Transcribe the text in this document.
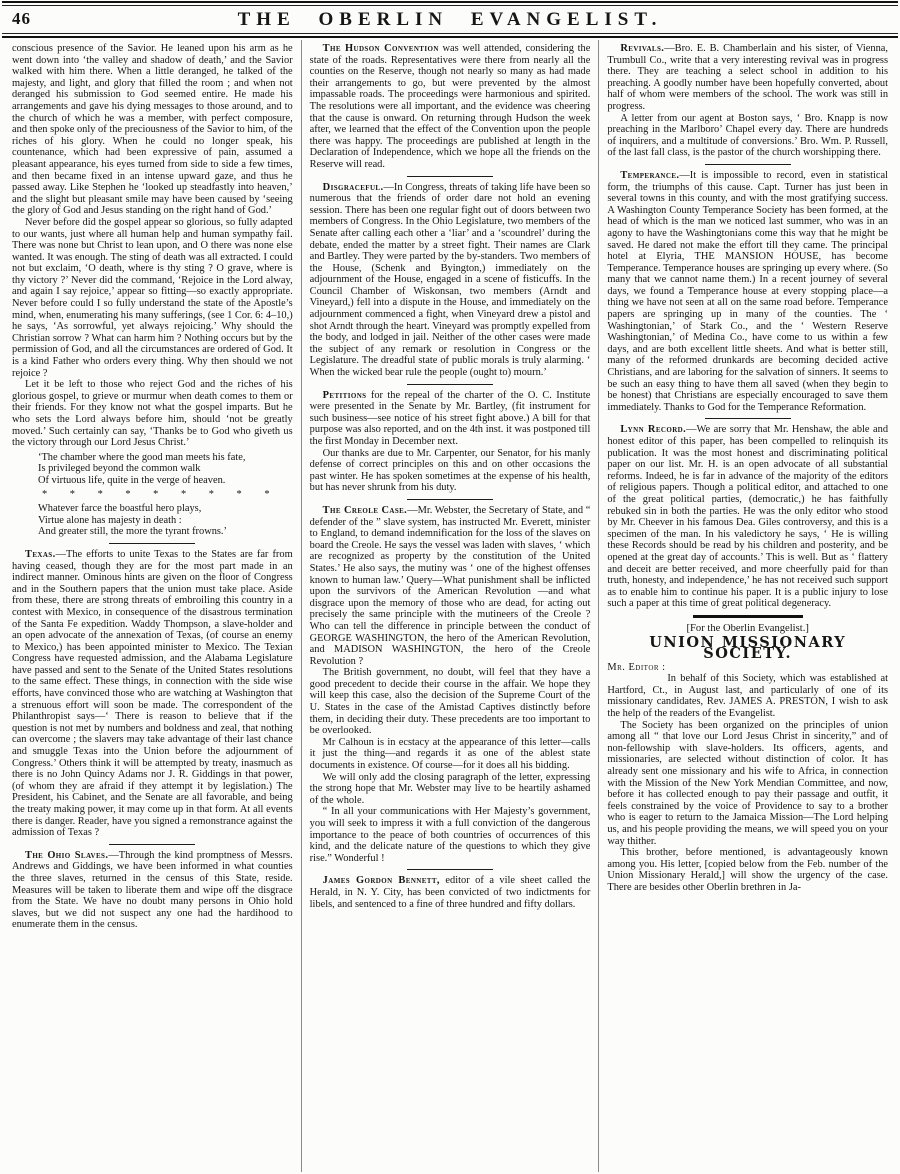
46	THE OBERLIN EVANGELIST.

conscious presence of the Savior. He leaned upon his arm as he went down into ‘the valley and shadow of death,’ and the Savior walked with him there. When a little deranged, he talked of the majesty, and light, and glory that filled the room ; and when not deranged his submission to God seemed entire. He made his arrangements and gave his dying messages to those around, and to the church of which he was a member, with perfect composure, and then spoke only of the preciousness of the Savior to him, of the riches of his glory. When he could no longer speak, his countenance, which had been expressive of pain, assumed a pleasant appearance, his eyes turned from side to side a few times, and then became fixed in an intense upward gaze, and thus he passed away. Like Stephen he ‘looked up steadfastly into heaven,’ and the slight but pleasant smile may have been caused by ‘seeing the glory of God and Jesus standing on the right hand of God.’

Never before did the gospel appear so glorious, so fully adapted to our wants, just where all human help and human sympathy fail. There was none but Christ to lean upon, and O there was none else wanted. It was enough. The sting of death was all extracted. I could not but exclaim, ‘O death, where is thy sting ? O grave, where is thy victory ?’ Never did the command, ‘Rejoice in the Lord alway, and again I say rejoice,’ appear so fitting—so exactly appropriate. Never before could I so fully understand the state of the Apostle’s mind, when, enumerating his many sufferings, (see 1 Cor. 6: 4–10,) he says, ‘As sorrowful, yet always rejoicing.’ Why should the Christian sorrow ? What can harm him ? Nothing occurs but by the permission of God, and all the circumstances are ordered of God. It is a kind Father who orders every thing. Why then should we not rejoice ?

Let it be left to those who reject God and the riches of his glorious gospel, to grieve or murmur when death comes to them or their friends. For they know not what the gospel imparts. But he who sets the Lord always before him, should ‘not be greatly moved.’ Such certainly can say, ‘Thanks be to God who giveth us the victory through our Lord Jesus Christ.’

‘The chamber where the good man meets his fate,
Is privileged beyond the common walk
Of virtuous life, quite in the verge of heaven.
* * * * * * * * *
Whatever farce the boastful hero plays,
Virtue alone has majesty in death :
And greater still, the more the tyrant frowns.’

Texas.—The efforts to unite Texas to the States are far from having ceased, though they are for the most part made in an indirect manner. Ominous hints are given on the floor of Congress and in the Southern papers that the union must take place. Aside from these, there are strong threats of embroiling this country in a contest with Mexico, in consequence of the disastrous termination of the Santa Fe expedition. Waddy Thompson, a slave-holder and an open advocate of the annexation of Texas, (of course an enemy to Mexico,) has been appointed minister to Mexico. The Texian Congress have requested admission, and the Alabama Legislature have passed and sent to the Senate of the United States resolutions to the same effect. These things, in connection with the side wise efforts, have convinced those who are watching at Washington that a strenuous effort will soon be made. The correspondent of the Philanthropist says—‘ There is reason to believe that if the question is not met by numbers and boldness and zeal, that nothing can overcome ; the slavers may take advantage of their last chance and smuggle Texas into the Union before the adjournment of Congress.’ Others think it will be attempted by treaty, inasmuch as there is no John Quincy Adams nor J. R. Giddings in that power, (of whom they are afraid if they attempt it by legislation.) The President, his Cabinet, and the Senate are all favorable, and being the treaty making power, it may come up in that form. At all events there is danger. Reader, have you signed a remonstrance against the admission of Texas ?

The Ohio Slaves.—Through the kind promptness of Messrs. Andrews and Giddings, we have been informed in what counties the three slaves, returned in the census of this State, reside. Measures will be taken to liberate them and wipe off the disgrace from the State. We have no doubt many persons in Ohio hold slaves, but we did not suspect any one had the hardihood to enumerate them in the census.

The Hudson Convention was well attended, considering the state of the roads. Representatives were there from nearly all the counties on the Reserve, though not nearly so many as had made their arrangements to go, but were prevented by the almost impassable roads. The proceedings were harmonious and spirited. The resolutions were all important, and the evidence was cheering that the cause is onward. On returning through Hudson the week after, we learned that the effect of the Convention upon the people there was happy. The proceedings are published at length in the Declaration of Independence, which we hope all the friends on the Reserve will read.

Disgraceful.—In Congress, threats of taking life have been so numerous that the friends of order dare not hold an evening session. There has been one regular fight out of doors between two members of Congress. In the Ohio Legislature, two members of the Senate after calling each other a ‘liar’ and a ‘scoundrel’ during the debate, ended the matter by a street fight. Their names are Clark and Bartley. They were parted by the by-standers. Two members of the House, (Schenk and Byington,) immediately on the adjournment of the House, engaged in a scene of fisticuffs. In the Council Chamber of Wiskonsan, two members (Arndt and Vineyard,) fell into a dispute in the House, and immediately on the adjournment commenced a fight, when Vineyard drew a pistol and shot Arndt through the heart. Vineyard was promptly expelled from the body, and lodged in jail. Neither of the other cases were made the subject of any remark or resolution in Congress or the Legislature. The dreadful state of public morals is truly alarming. ‘ When the wicked bear rule the people (ought to) mourn.’

Petitions for the repeal of the charter of the O. C. Institute were presented in the Senate by Mr. Bartley, (fit instrument for such business—see notice of his street fight above.) A bill for that purpose was also reported, and on the 4th inst. it was postponed till the first Monday in December next.

Our thanks are due to Mr. Carpenter, our Senator, for his manly defense of correct principles on this and on other occasions the past winter. He has spoken sometimes at the expense of his health, but has never shrunk from his duty.

The Creole Case.—Mr. Webster, the Secretary of State, and “ defender of the ” slave system, has instructed Mr. Everett, minister to England, to demand indemnification for the loss of the slaves on board the Creole. He says the vessel was laden with slaves, ‘ which are recognized as property by the constitution of the United States.’ He also says, the mutiny was ‘ one of the highest offenses known to human law.’ Query—What punishment shall be inflicted upon the survivors of the American Revolution —and what disgrace upon the memory of those who are dead, for acting out precisely the same principle with the mutineers of the Creole ? Who can tell the difference in principle between the conduct of GEORGE WASHINGTON, the hero of the American Revolution, and MADISON WASHINGTON, the hero of the Creole Revolution ?

The British government, no doubt, will feel that they have a good precedent to decide their course in the affair. We hope they will keep this case, also the decision of the Supreme Court of the U. States in the case of the Amistad Captives distinctly before them, in deciding their duty. These precedents are too important to be overlooked.

Mr Calhoun is in ecstacy at the appearance of this letter—calls it just the thing—and regards it as one of the ablest state documents in existence. Of course—for it does all his bidding.

We will only add the closing paragraph of the letter, expressing the strong hope that Mr. Webster may live to be heartily ashamed of the whole.

“ In all your communications with Her Majesty’s government, you will seek to impress it with a full conviction of the dangerous importance to the peace of both countries of occurrences of this kind, and the delicate nature of the questions to which they give rise.” Wonderful !

James Gordon Bennett, editor of a vile sheet called the Herald, in N. Y. City, has been convicted of two indictments for libels, and sentenced to a fine of three hundred and fifty dollars.

Revivals.—Bro. E. B. Chamberlain and his sister, of Vienna, Trumbull Co., write that a very interesting revival was in progress there. They are teaching a select school in addition to his preaching. A goodly number have been hopefully converted, about half of whom were members of the school. The work was still in progress.

A letter from our agent at Boston says, ‘ Bro. Knapp is now preaching in the Marlboro’ Chapel every day. There are hundreds of inquirers, and a multitude of conversions.’ Bro. Wm. P. Russell, of the last fall class, is the pastor of the church worshipping there.

Temperance.—It is impossible to record, even in statistical form, the triumphs of this cause. Capt. Turner has just been in several towns in this county, and with the most gratifying success. A Washington County Temperance Society has been formed, at the head of which is the man we noticed last summer, who was in an agony to have the Washingtonians come this way that he might be saved. He dared not make the effort till they came. The principal hotel at Elyria, THE MANSION HOUSE, has become Temperance. Temperance houses are springing up every where. (So many that we cannot name them.) In a recent journey of several days, we found a Temperance house at every stopping place—a thing we have not seen at all on the same road before. Temperance papers are springing up in many of the counties. The ‘ Washingtonian,’ of Stark Co., and the ‘ Western Reserve Washingtonian,’ of Medina Co., have come to us within a few days, and are both excellent little sheets. And what is better still, many of the reformed drunkards are becoming decided active Christians, and are laboring for the salvation of sinners. It seems to be such an easy thing to have them all saved (when they begin to be honest) that Christians are especially encouraged to save them immediately. Thanks to God for the Temperance Reformation.

Lynn Record.—We are sorry that Mr. Henshaw, the able and honest editor of this paper, has been compelled to relinquish its publication. It was the most honest and discriminating political paper on our list. Mr. H. is an open advocate of all substantial reforms. Indeed, he is far in advance of the majority of the editors of religious papers. Though a political editor, and attached to one of the great political parties, (democratic,) he has faithfully rebuked sin in both the parties. He was the only editor who stood by Mr. Cheever in his famous Dea. Giles controversy, and this is a specimen of the man. In his valedictory he says, ‘ He is willing these Records should be read by his children and posterity, and be opened at the great day of accounts.’ This is well. But as ‘ flattery and deceit are better received, and more cheerfully paid for than truth, honesty, and independence,’ he has not received such support as to enable him to continue his paper. It is a public injury to lose such a paper at this time of great political degeneracy.

[For the Oberlin Evangelist.]
UNION MISSIONARY SOCIETY.
Mr. Editor :

In behalf of this Society, which was established at Hartford, Ct., in August last, and particularly of one of its missionary candidates, Rev. JAMES A. PRESTON, I wish to ask the help of the readers of the Evangelist.

The Society has been organized on the principles of union among all “ that love our Lord Jesus Christ in sincerity,” and of non-fellowship with slave-holders. Its officers, agents, and missionaries, are selected without distinction of color. It has already sent one missionary and his wife to Africa, in connection with the Mission of the New York Mendian Committee, and now, before it has collected enough to pay their passage and outfit, it feels constrained by the voice of Providence to say to a brother who is eager to return to the Jamaica Mission—The Lord helping us, and his people providing the means, we will speed you on your way thither.

This brother, before mentioned, is advantageously known among you. His letter, [copied below from the Feb. number of the Union Missionary Herald,] will show the urgency of the case. There are besides other Oberlin brethren in Ja-
